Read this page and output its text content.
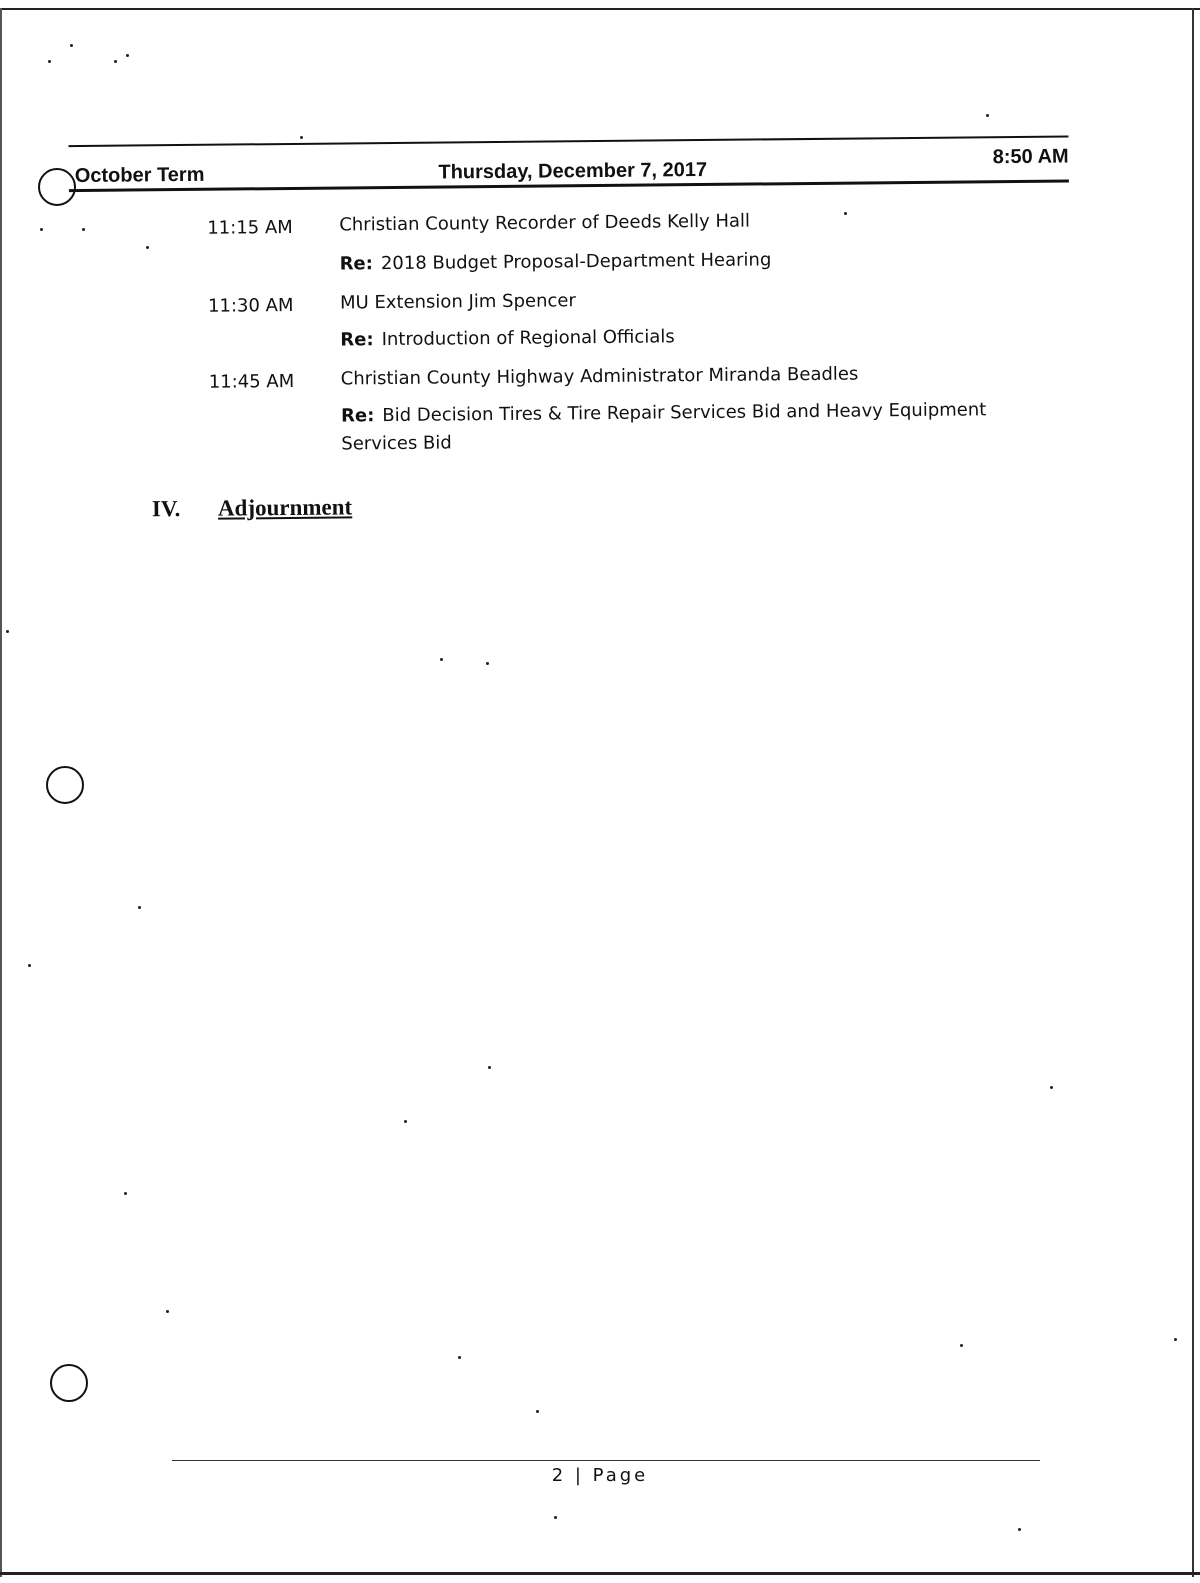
October Term	Thursday, December 7, 2017
8:50 AM
11:15 AM	Christian County Recorder of Deeds Kelly Hall
Re: 2018 Budget Proposal-Department Hearing
11:30 AM	MU Extension Jim Spencer
Re: Introduction of Regional Officials
11:45 AM	Christian County Highway Administrator Miranda Beadles
Re: Bid Decision Tires & Tire Repair Services Bid and Heavy Equipment Services Bid
IV. Adjournment
2 | Page
